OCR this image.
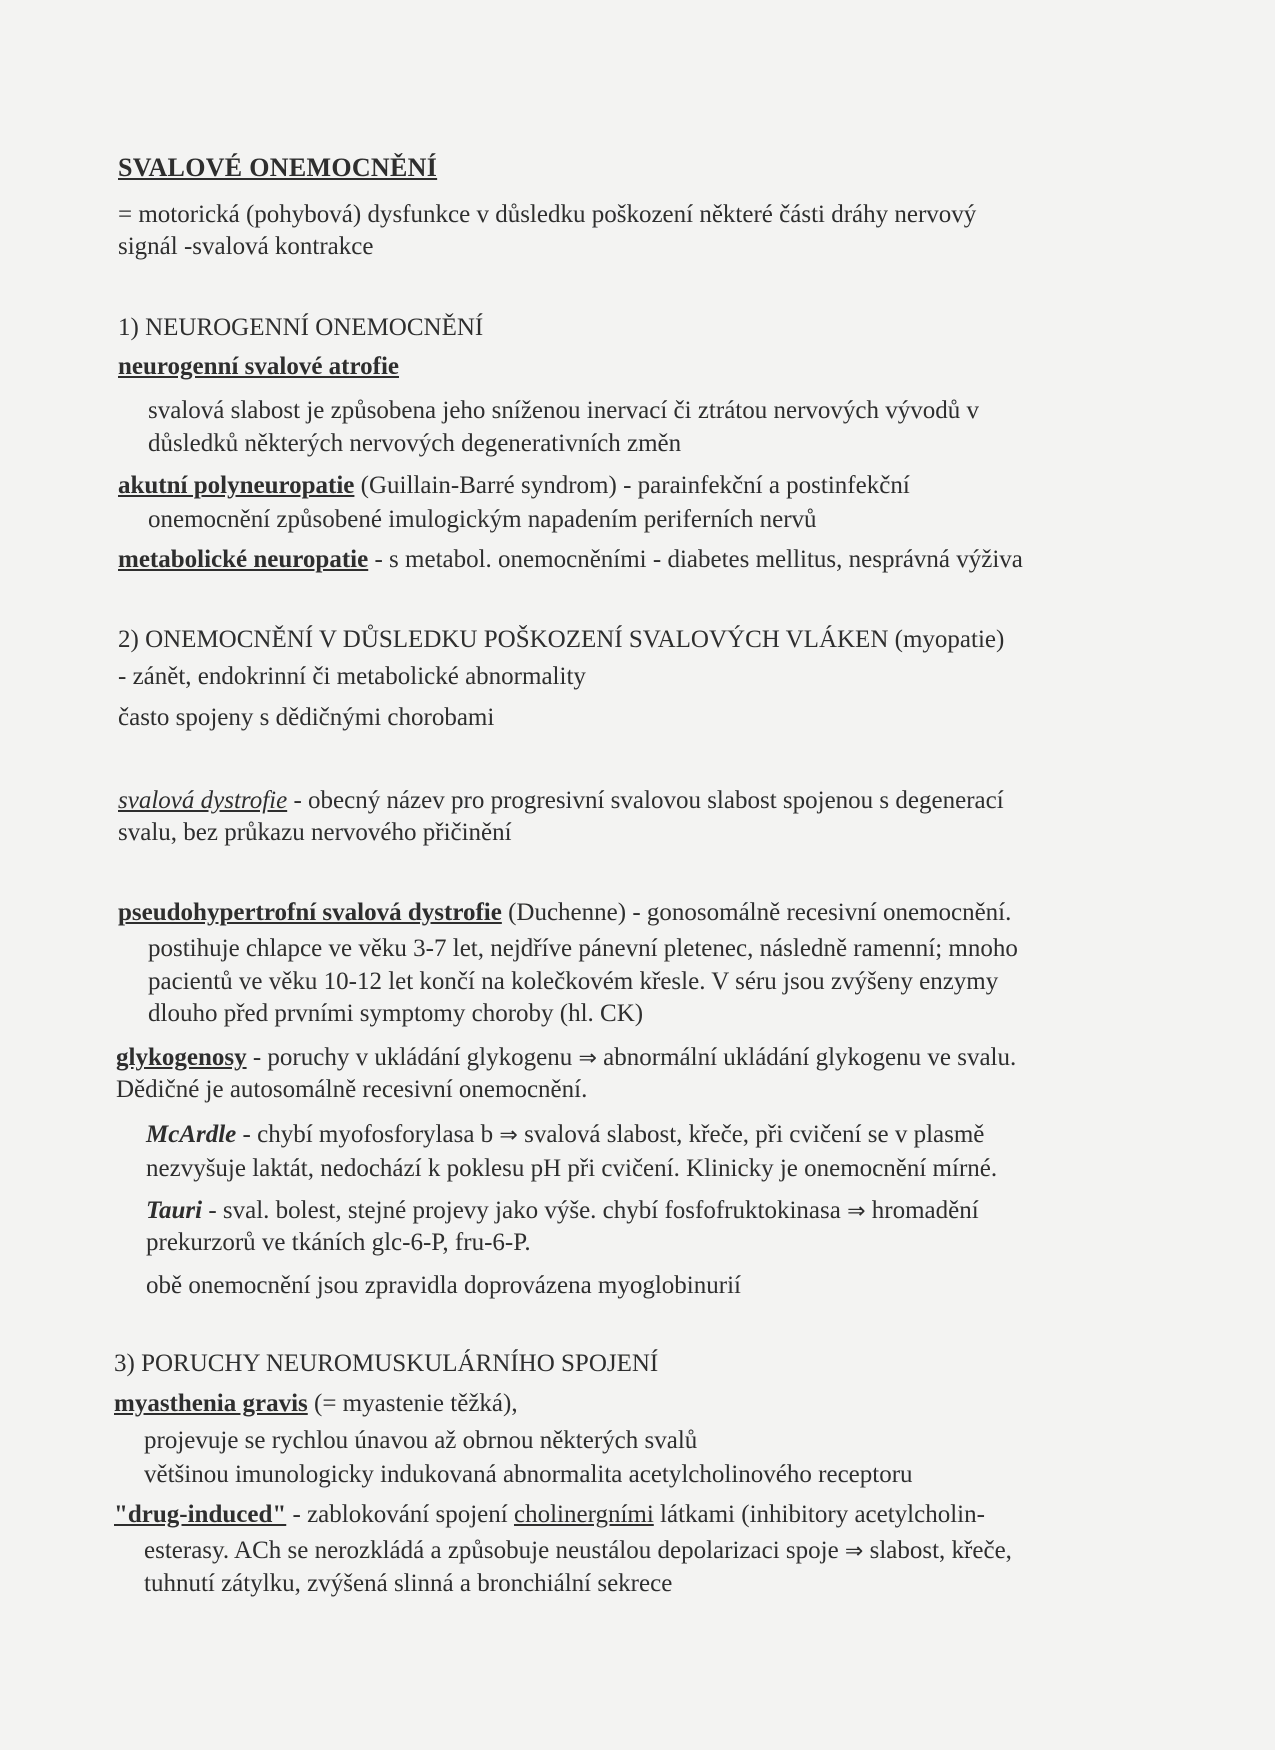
SVALOVÉ ONEMOCNĚNÍ
= motorická (pohybová) dysfunkce v důsledku poškození některé části dráhy nervový
signál -svalová kontrakce
1) NEUROGENNÍ ONEMOCNĚNÍ
neurogenní svalové atrofie
svalová slabost je způsobena jeho sníženou inervací či ztrátou nervových vývodů v
důsledků některých nervových degenerativních změn
akutní polyneuropatie (Guillain-Barré syndrom) - parainfekční a postinfekční
onemocnění způsobené imulogickým napadením periferních nervů
metabolické neuropatie - s metabol. onemocněními - diabetes mellitus, nesprávná výživa
2) ONEMOCNĚNÍ V DŮSLEDKU POŠKOZENÍ SVALOVÝCH VLÁKEN (myopatie)
- zánět, endokrinní či metabolické abnormality
často spojeny s dědičnými chorobami
svalová dystrofie - obecný název pro progresivní svalovou slabost spojenou s degenerací
svalu, bez průkazu nervového přičinění
pseudohypertrofní svalová dystrofie (Duchenne) - gonosomálně recesivní onemocnění.
postihuje chlapce ve věku 3-7 let, nejdříve pánevní pletenec, následně ramenní; mnoho
pacientů ve věku 10-12 let končí na kolečkovém křesle. V séru jsou zvýšeny enzymy
dlouho před prvními symptomy choroby (hl. CK)
glykogenosy - poruchy v ukládání glykogenu ⇒ abnormální ukládání glykogenu ve svalu.
Dědičné je autosomálně recesivní onemocnění.
McArdle - chybí myofosforylasa b ⇒ svalová slabost, křeče, při cvičení se v plasmě
nezvyšuje laktát, nedochází k poklesu pH při cvičení. Klinicky je onemocnění mírné.
Tauri - sval. bolest, stejné projevy jako výše. chybí fosfofruktokinasa ⇒ hromadění
prekurzorů ve tkáních glc-6-P, fru-6-P.
obě onemocnění jsou zpravidla doprovázena myoglobinurií
3) PORUCHY NEUROMUSKULÁRNÍHO SPOJENÍ
myasthenia gravis (= myastenie těžká),
projevuje se rychlou únavou až obrnou některých svalů
většinou imunologicky indukovaná abnormalita acetylcholinového receptoru
"drug-induced" - zablokování spojení cholinergními látkami (inhibitory acetylcholin-
esterasy. ACh se nerozkládá a způsobuje neustálou depolarizaci spoje ⇒ slabost, křeče,
tuhnutí zátylku, zvýšená slinná a bronchiální sekrece
